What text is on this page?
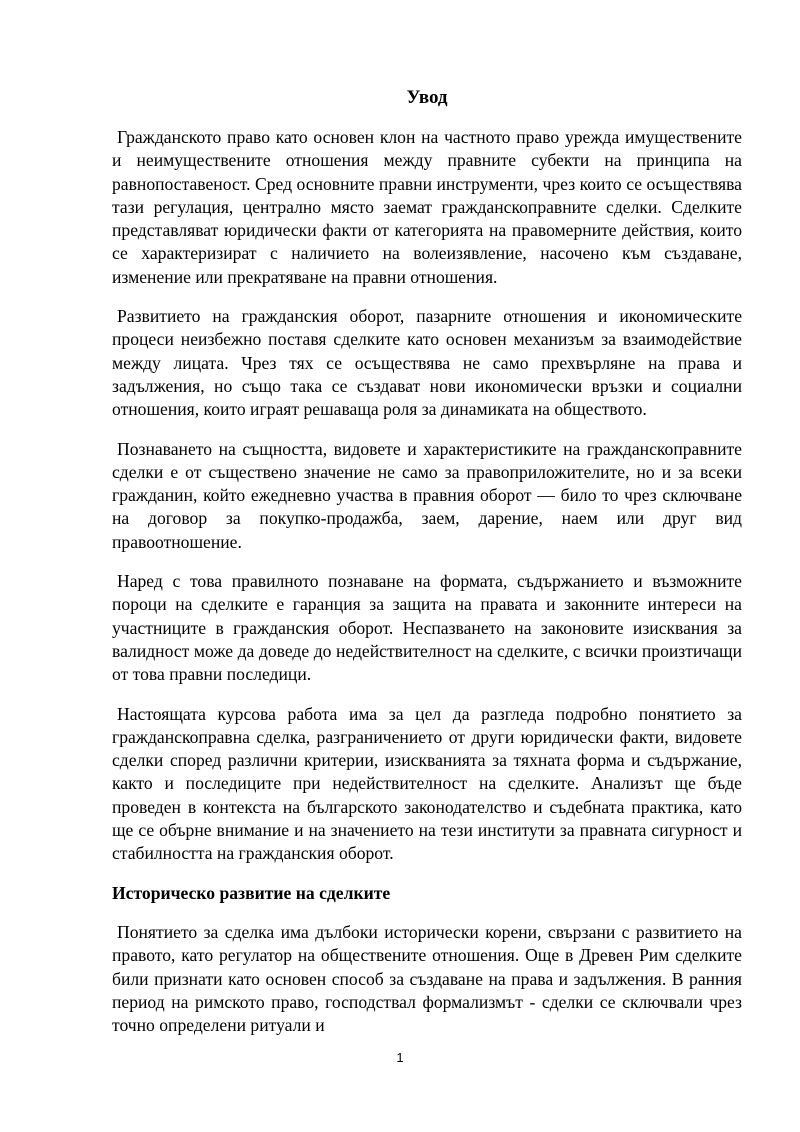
Увод

Гражданското право като основен клон на частното право урежда имуществените и неимуществените отношения между правните субекти на принципа на равнопоставеност. Сред основните правни инструменти, чрез които се осъществява тази регулация, централно място заемат гражданскоправните сделки. Сделките представляват юридически факти от категорията на правомерните действия, които се характеризират с наличието на волеизявление, насочено към създаване, изменение или прекратяване на правни отношения.

Развитието на гражданския оборот, пазарните отношения и икономическите процеси неизбежно поставя сделките като основен механизъм за взаимодействие между лицата. Чрез тях се осъществява не само прехвърляне на права и задължения, но също така се създават нови икономически връзки и социални отношения, които играят решаваща роля за динамиката на обществото.

Познаването на същността, видовете и характеристиките на гражданскоправните сделки е от съществено значение не само за правоприложителите, но и за всеки гражданин, който ежедневно участва в правния оборот — било то чрез сключване на договор за покупко-продажба, заем, дарение, наем или друг вид правоотношение.

Наред с това правилното познаване на формата, съдържанието и възможните пороци на сделките е гаранция за защита на правата и законните интереси на участниците в гражданския оборот. Неспазването на законовите изисквания за валидност може да доведе до недействителност на сделките, с всички произтичащи от това правни последици.

Настоящата курсова работа има за цел да разгледа подробно понятието за гражданскоправна сделка, разграничението от други юридически факти, видовете сделки според различни критерии, изискванията за тяхната форма и съдържание, както и последиците при недействителност на сделките. Анализът ще бъде проведен в контекста на българското законодателство и съдебната практика, като ще се обърне внимание и на значението на тези институти за правната сигурност и стабилността на гражданския оборот.

Историческо развитие на сделките

Понятието за сделка има дълбоки исторически корени, свързани с развитието на правото, като регулатор на обществените отношения. Още в Древен Рим сделките били признати като основен способ за създаване на права и задължения. В ранния период на римското право, господствал формализмът - сделки се сключвали чрез точно определени ритуали и

1
